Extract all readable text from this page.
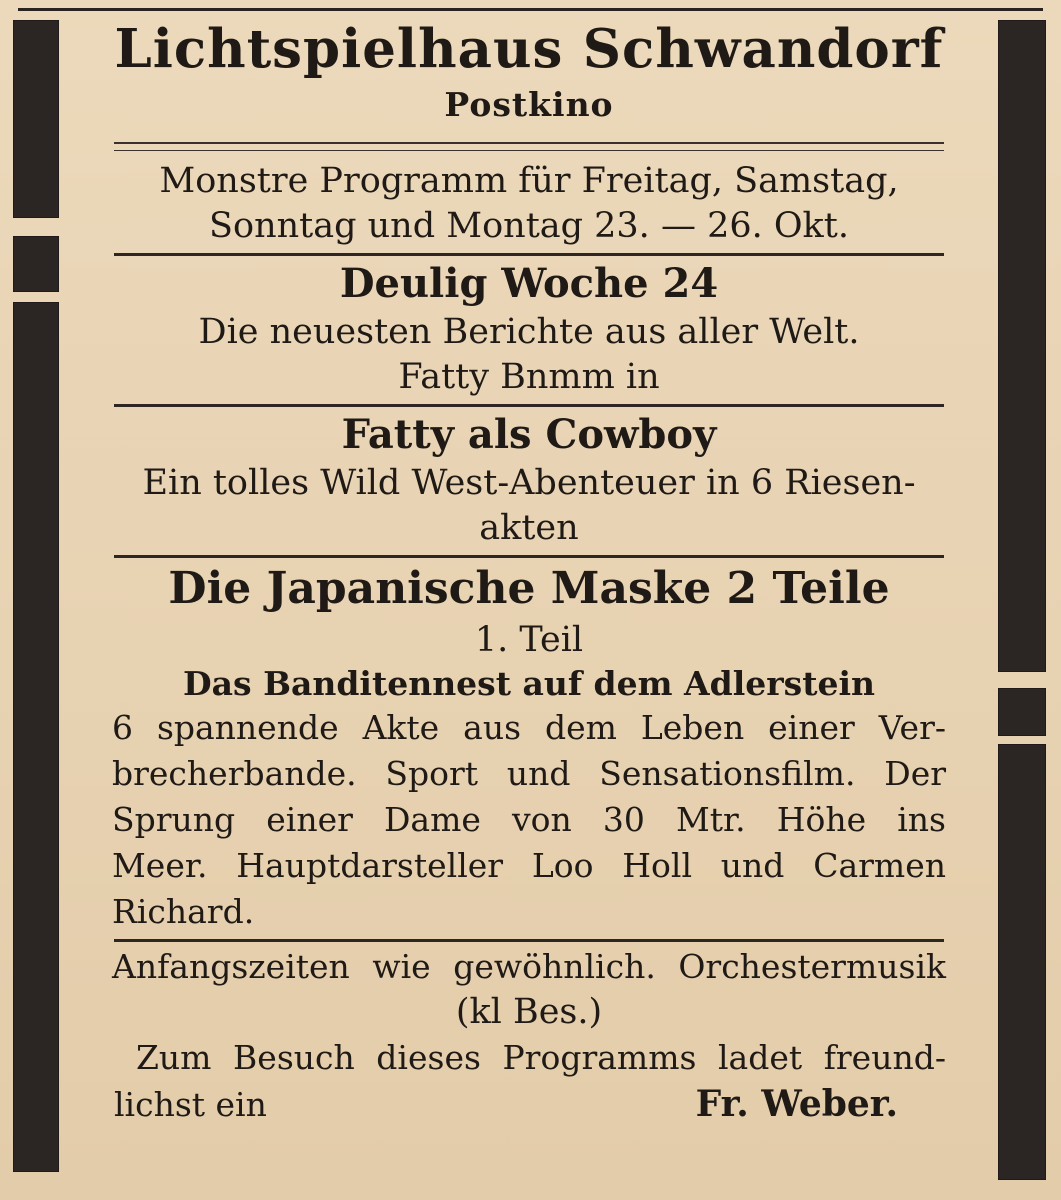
Lichtspielhaus Schwandorf
Postkino
Monstre Programm für Freitag, Samstag,
Sonntag und Montag 23. — 26. Okt.
Deulig Woche 24
Die neuesten Berichte aus aller Welt.
Fatty Bnmm in
Fatty als Cowboy
Ein tolles Wild West-Abenteuer in 6 Riesen-
akten
Die Japanische Maske 2 Teile
1. Teil
Das Banditennest auf dem Adlerstein
6 spannende Akte aus dem Leben einer Ver-
brecherbande. Sport und Sensationsfilm. Der
Sprung einer Dame von 30 Mtr. Höhe ins
Meer. Hauptdarsteller Loo Holl und Carmen
Richard.
Anfangszeiten wie gewöhnlich. Orchestermusik
(kl Bes.)
Zum Besuch dieses Programms ladet freund-
lichst ein	Fr. Weber.
